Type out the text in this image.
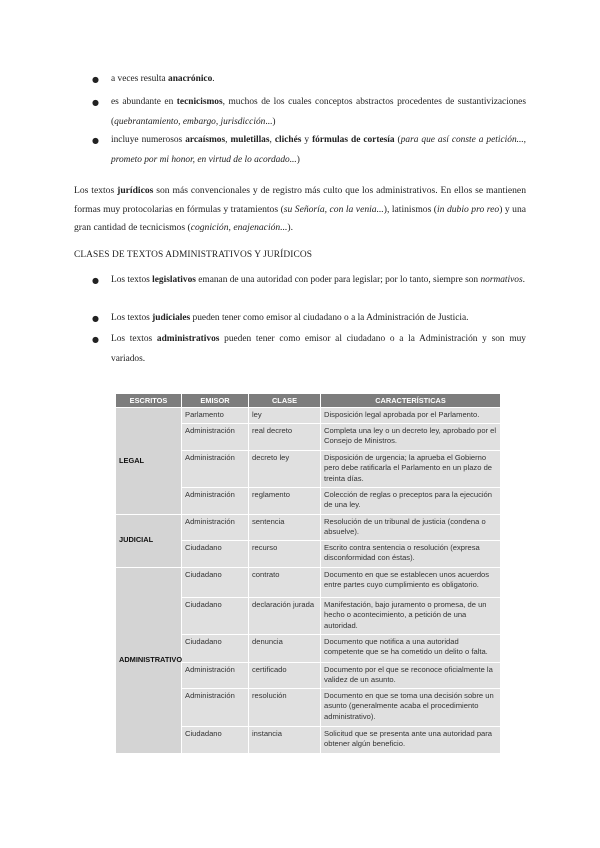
● a veces resulta anacrónico.
● es abundante en tecnicismos, muchos de los cuales conceptos abstractos procedentes de sustantivizaciones (quebrantamiento, embargo, jurisdicción...)
● incluye numerosos arcaísmos, muletillas, clichés y fórmulas de cortesía (para que así conste a petición..., prometo por mi honor, en virtud de lo acordado...)
Los textos jurídicos son más convencionales y de registro más culto que los administrativos. En ellos se mantienen formas muy protocolarias en fórmulas y tratamientos (su Señoría, con la venia...), latinismos (in dubio pro reo) y una gran cantidad de tecnicismos (cognición, enajenación...).
CLASES DE TEXTOS ADMINISTRATIVOS Y JURÍDICOS
● Los textos legislativos emanan de una autoridad con poder para legislar; por lo tanto, siempre son normativos.
● Los textos judiciales pueden tener como emisor al ciudadano o a la Administración de Justicia.
● Los textos administrativos pueden tener como emisor al ciudadano o a la Administración y son muy variados.
ESCRITOS	EMISOR	CLASE	CARACTERÍSTICAS
LEGAL	Parlamento	ley	Disposición legal aprobada por el Parlamento.
	Administración	real decreto	Completa una ley o un decreto ley, aprobado por el Consejo de Ministros.
	Administración	decreto ley	Disposición de urgencia; la aprueba el Gobierno pero debe ratificarla el Parlamento en un plazo de treinta días.
	Administración	reglamento	Colección de reglas o preceptos para la ejecución de una ley.
JUDICIAL	Administración	sentencia	Resolución de un tribunal de justicia (condena o absuelve).
	Ciudadano	recurso	Escrito contra sentencia o resolución (expresa disconformidad con éstas).
ADMINISTRATIVO	Ciudadano	contrato	Documento en que se establecen unos acuerdos entre partes cuyo cumplimiento es obligatorio.
	Ciudadano	declaración jurada	Manifestación, bajo juramento o promesa, de un hecho o acontecimiento, a petición de una autoridad.
	Ciudadano	denuncia	Documento que notifica a una autoridad competente que se ha cometido un delito o falta.
	Administración	certificado	Documento por el que se reconoce oficialmente la validez de un asunto.
	Administración	resolución	Documento en que se toma una decisión sobre un asunto (generalmente acaba el procedimiento administrativo).
	Ciudadano	instancia	Solicitud que se presenta ante una autoridad para obtener algún beneficio.
